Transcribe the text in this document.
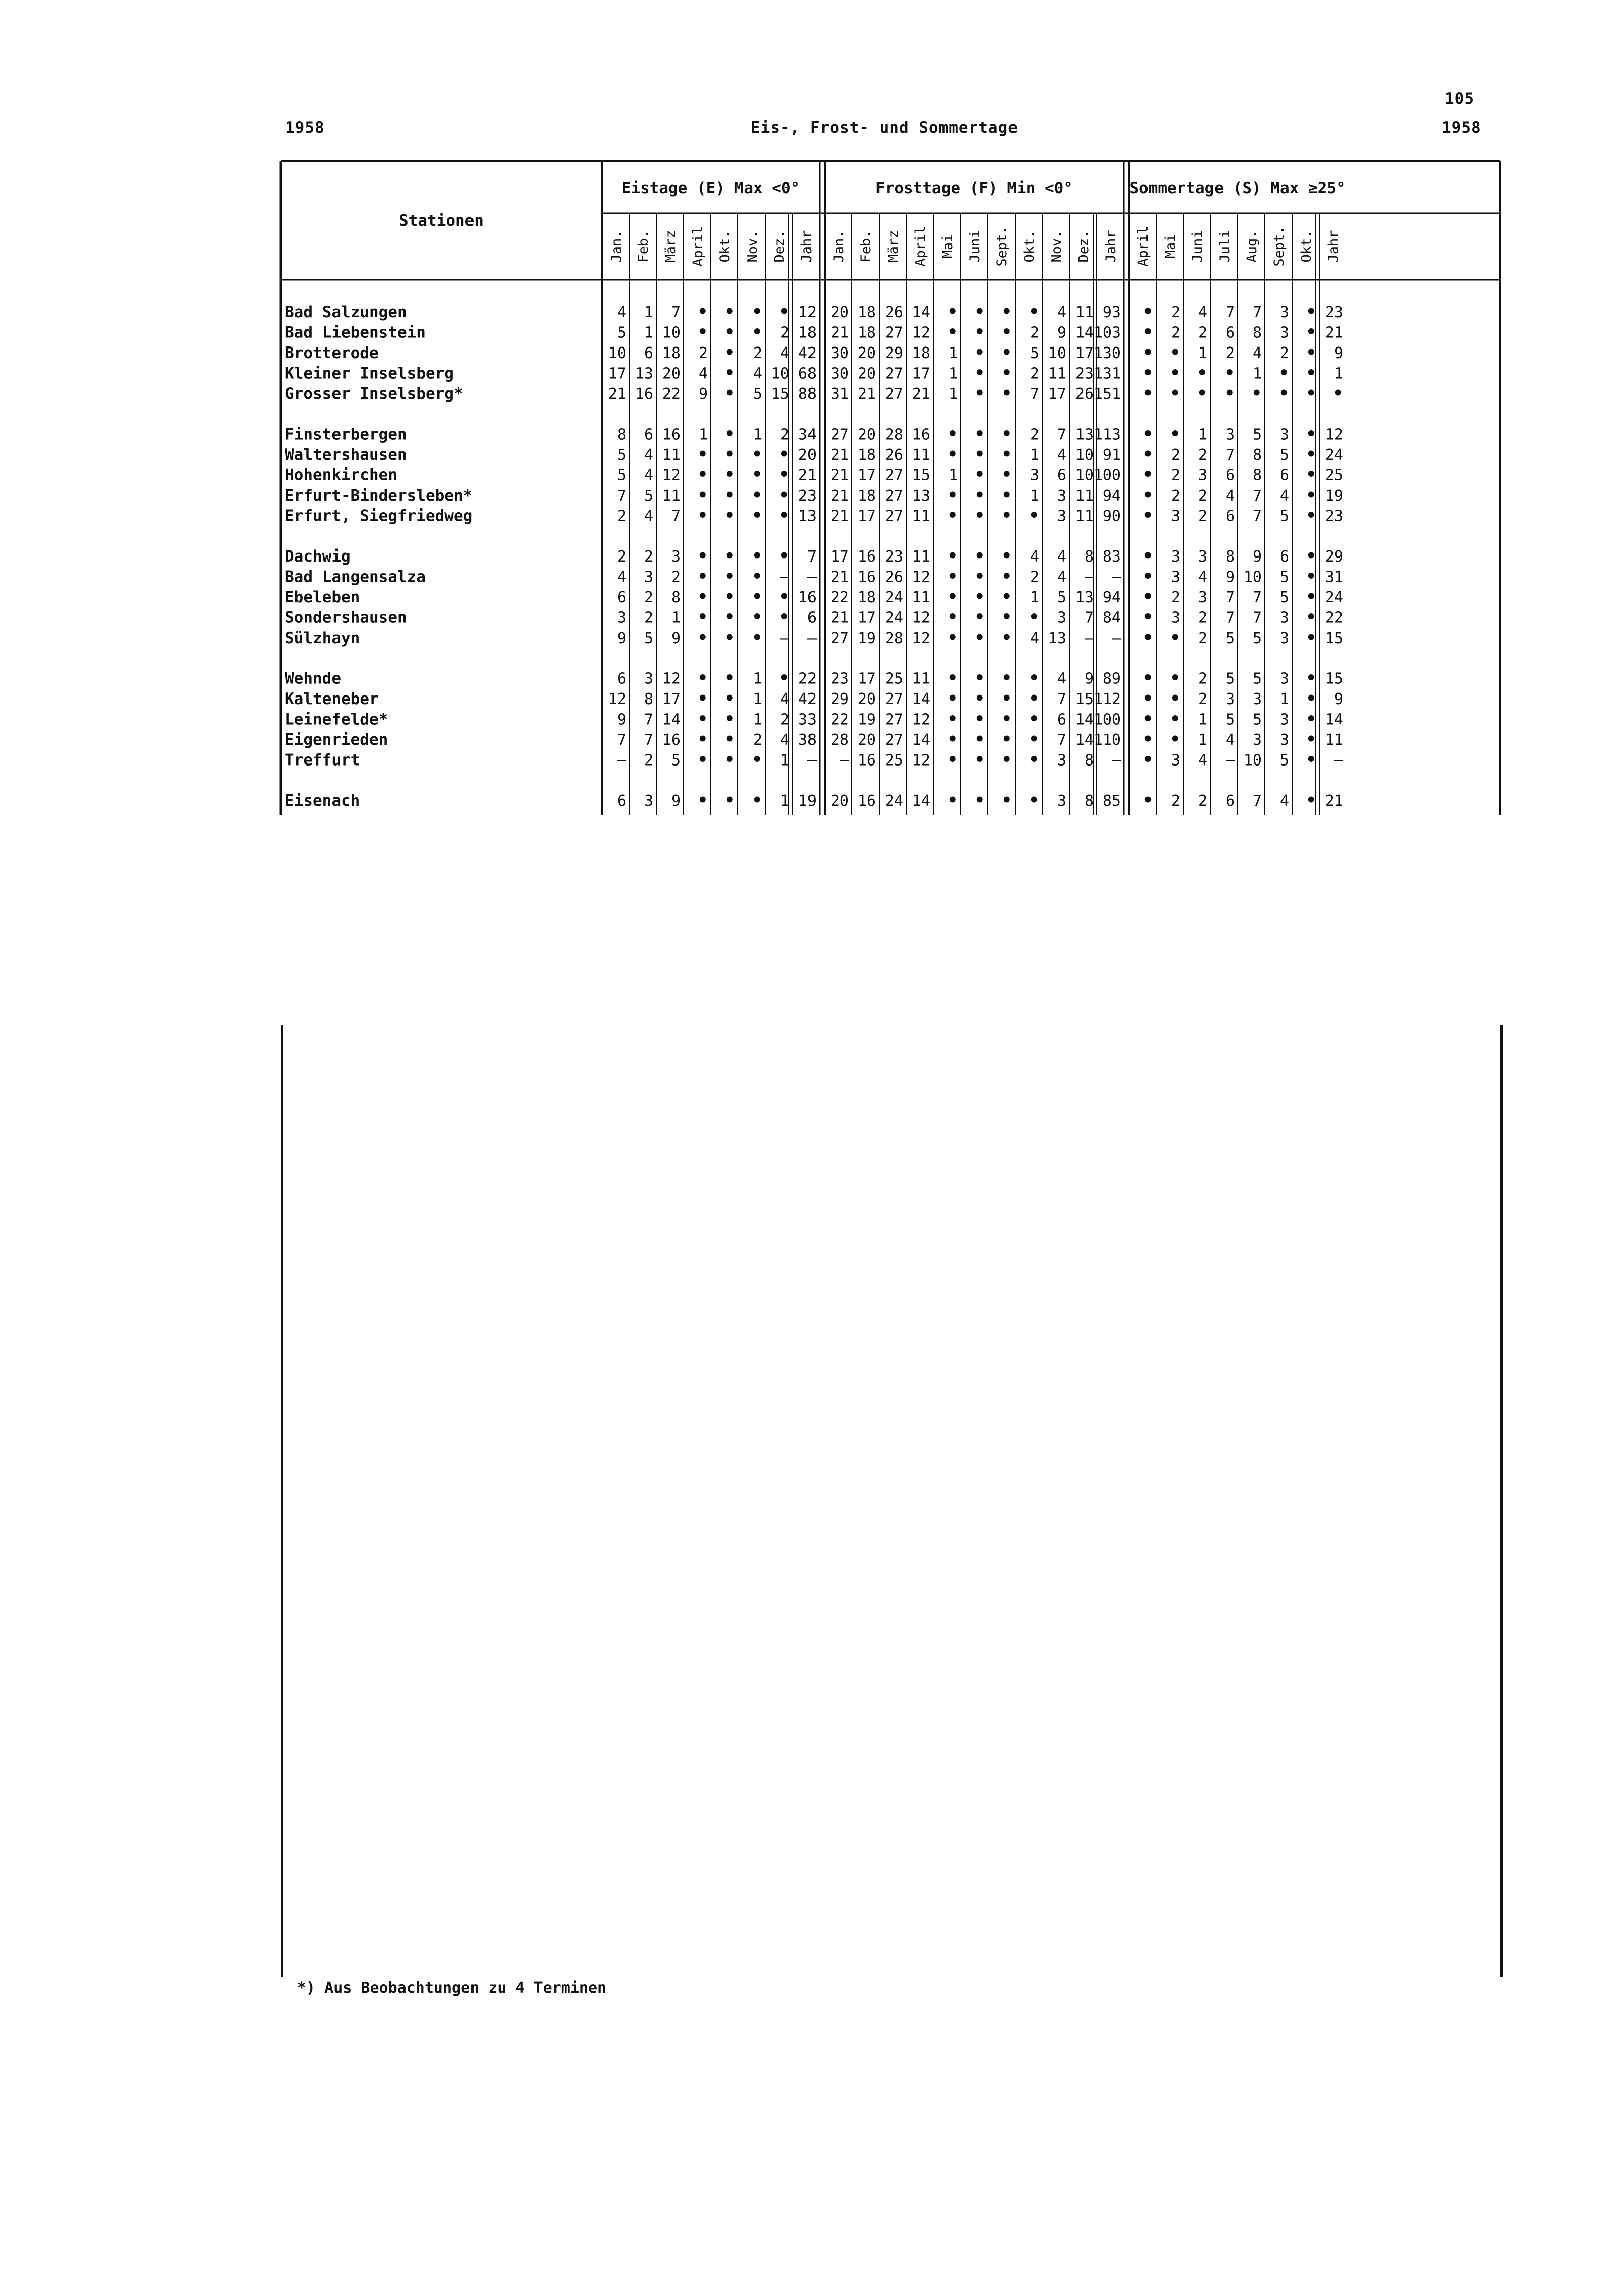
105
1958	Eis-, Frost- und Sommertage	1958
Stationen
Eistage (E) Max <0°	Frosttage (F) Min <0°	Sommertage (S) Max ≥25°
Jan. Feb. März April Okt. Nov. Dez. Jahr Jan. Feb. März April Mai Juni Sept. Okt. Nov. Dez. Jahr April Mai Juni Juli Aug. Sept. Okt. Jahr
Bad Salzungen	4 1 7 • • • • 12 20 18 26 14 • • • • 4 11 93 • 2 4 7 7 3 • 23
Bad Liebenstein	5 1 10 • • • 2 18 21 18 27 12 • • • 2 9 14 103 • 2 2 6 8 3 • 21
Brotterode	10 6 18 2 • 2 4 42 30 20 29 18 1 • • 5 10 17 130 • • 1 2 4 2 • 9
Kleiner Inselsberg	17 13 20 4 • 4 10 68 30 20 27 17 1 • • 2 11 23 131 • • • • 1 • • 1
Grosser Inselsberg*	21 16 22 9 • 5 15 88 31 21 27 21 1 • • 7 17 26 151 • • • • • • • •
Finsterbergen	8 6 16 1 • 1 2 34 27 20 28 16 • • • 2 7 13 113 • • 1 3 5 3 • 12
Waltershausen	5 4 11 • • • • 20 21 18 26 11 • • • 1 4 10 91 • 2 2 7 8 5 • 24
Hohenkirchen	5 4 12 • • • • 21 21 17 27 15 1 • • 3 6 10 100 • 2 3 6 8 6 • 25
Erfurt-Bindersleben*	7 5 11 • • • • 23 21 18 27 13 • • • 1 3 11 94 • 2 2 4 7 4 • 19
Erfurt, Siegfriedweg	2 4 7 • • • • 13 21 17 27 11 • • • • 3 11 90 • 3 2 6 7 5 • 23
Dachwig	2 2 3 • • • • 7 17 16 23 11 • • • 4 4 8 83 • 3 3 8 9 6 • 29
Bad Langensalza	4 3 2 • • • – – 21 16 26 12 • • • 2 4 – – • 3 4 9 10 5 • 31
Ebeleben	6 2 8 • • • • 16 22 18 24 11 • • • 1 5 13 94 • 2 3 7 7 5 • 24
Sondershausen	3 2 1 • • • • 6 21 17 24 12 • • • • 3 7 84 • 3 2 7 7 3 • 22
Sülzhayn	9 5 9 • • • – – 27 19 28 12 • • • 4 13 – – • • 2 5 5 3 • 15
Wehnde	6 3 12 • • 1 • 22 23 17 25 11 • • • • 4 9 89 • • 2 5 5 3 • 15
Kalteneber	12 8 17 • • 1 4 42 29 20 27 14 • • • • 7 15 112 • • 2 3 3 1 • 9
Leinefelde*	9 7 14 • • 1 2 33 22 19 27 12 • • • • 6 14 100 • • 1 5 5 3 • 14
Eigenrieden	7 7 16 • • 2 4 38 28 20 27 14 • • • • 7 14 110 • • 1 4 3 3 • 11
Treffurt	– 2 5 • • • 1 – – 16 25 12 • • • • 3 8 – • 3 4 – 10 5 • –
Eisenach	6 3 9 • • • 1 19 20 16 24 14 • • • • 3 8 85 • 2 2 6 7 4 • 21
*) Aus Beobachtungen zu 4 Terminen
